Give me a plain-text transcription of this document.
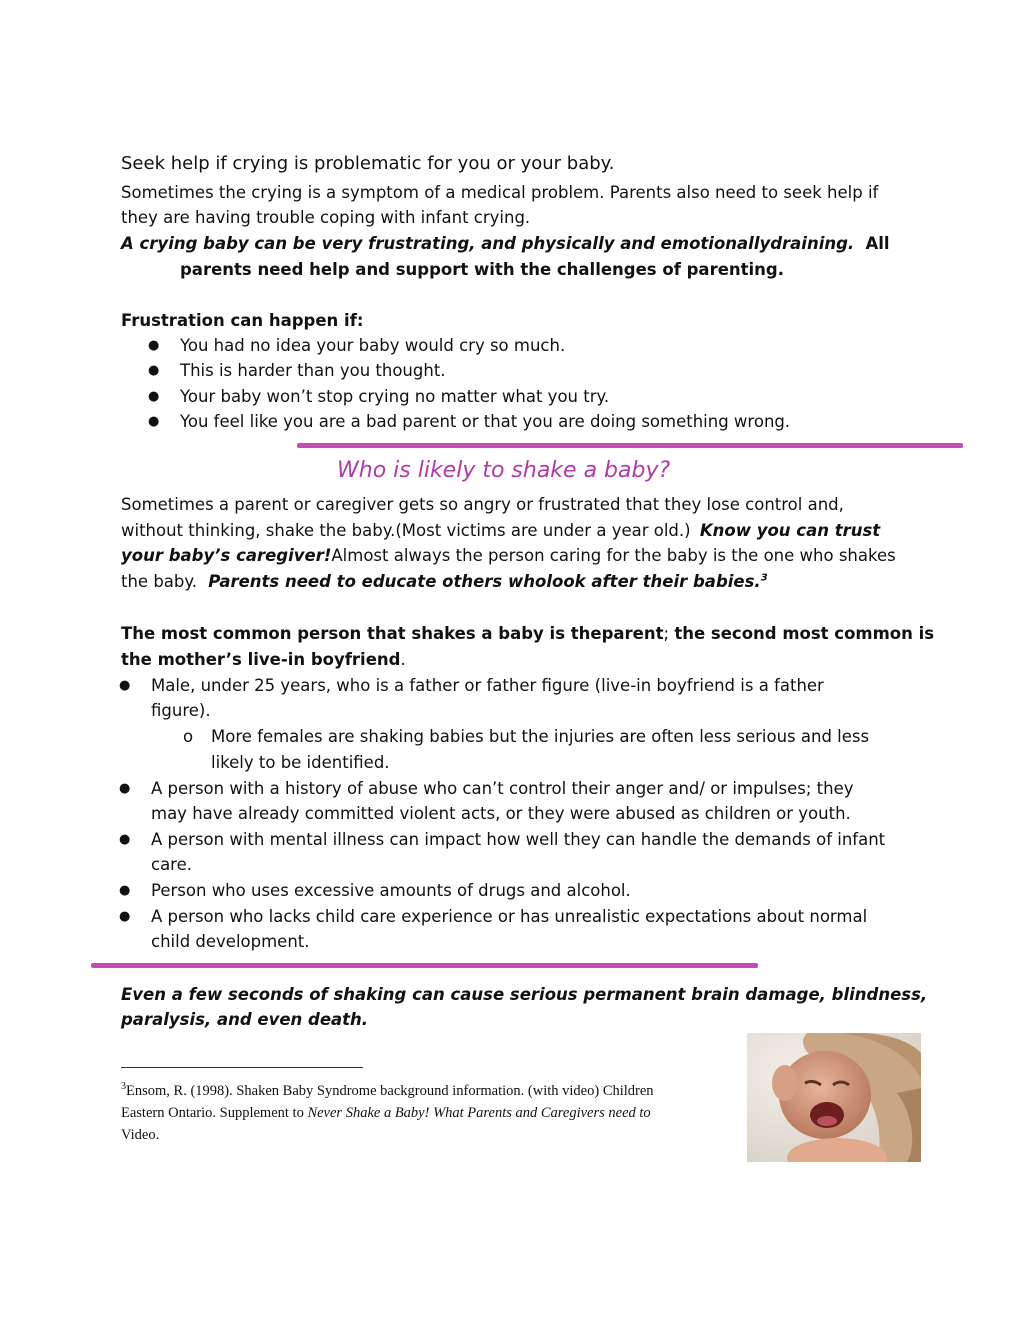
Seek help if crying is problematic for you or your baby.
Sometimes the crying is a symptom of a medical problem. Parents also need to seek help if
they are having trouble coping with infant crying.
A crying baby can be very frustrating, and physically and emotionallydraining. All
parents need help and support with the challenges of parenting.
Frustration can happen if:
● You had no idea your baby would cry so much.
● This is harder than you thought.
● Your baby won’t stop crying no matter what you try.
● You feel like you are a bad parent or that you are doing something wrong.
Who is likely to shake a baby?
Sometimes a parent or caregiver gets so angry or frustrated that they lose control and,
without thinking, shake the baby.(Most victims are under a year old.) Know you can trust
your baby’s caregiver!Almost always the person caring for the baby is the one who shakes
the baby. Parents need to educate others wholook after their babies.$^3$
The most common person that shakes a baby is theparent; the second most common is
the mother’s live-in boyfriend.
● Male, under 25 years, who is a father or father figure (live-in boyfriend is a father
figure).
o More females are shaking babies but the injuries are often less serious and less
likely to be identified.
● A person with a history of abuse who can’t control their anger and/ or impulses; they
may have already committed violent acts, or they were abused as children or youth.
● A person with mental illness can impact how well they can handle the demands of infant
care.
● Person who uses excessive amounts of drugs and alcohol.
● A person who lacks child care experience or has unrealistic expectations about normal
child development.
Even a few seconds of shaking can cause serious permanent brain damage, blindness,
paralysis, and even death.
$^3$Ensom, R. (1998). Shaken Baby Syndrome background information. (with video) Children
Eastern Ontario. Supplement to Never Shake a Baby! What Parents and Caregivers need to
Video.
